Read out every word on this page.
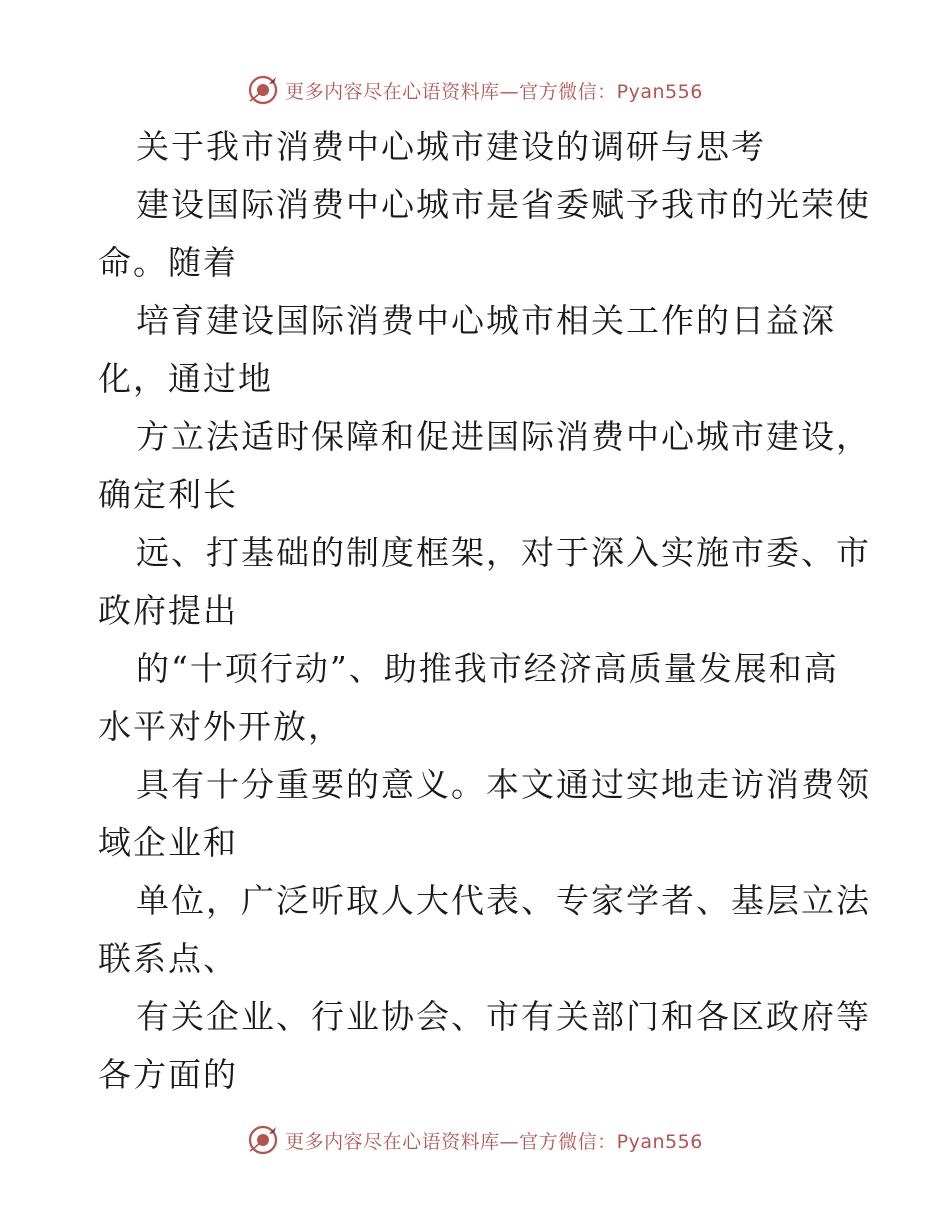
更多内容尽在心语资料库—官方微信：Pyan556
关于我市消费中心城市建设的调研与思考
建设国际消费中心城市是省委赋予我市的光荣使
命。随着
培育建设国际消费中心城市相关工作的日益深
化，通过地
方立法适时保障和促进国际消费中心城市建设，
确定利长
远、打基础的制度框架，对于深入实施市委、市
政府提出
的“十项行动”、助推我市经济高质量发展和高
水平对外开放，
具有十分重要的意义。本文通过实地走访消费领
域企业和
单位，广泛听取人大代表、专家学者、基层立法
联系点、
有关企业、行业协会、市有关部门和各区政府等
各方面的
更多内容尽在心语资料库—官方微信：Pyan556
